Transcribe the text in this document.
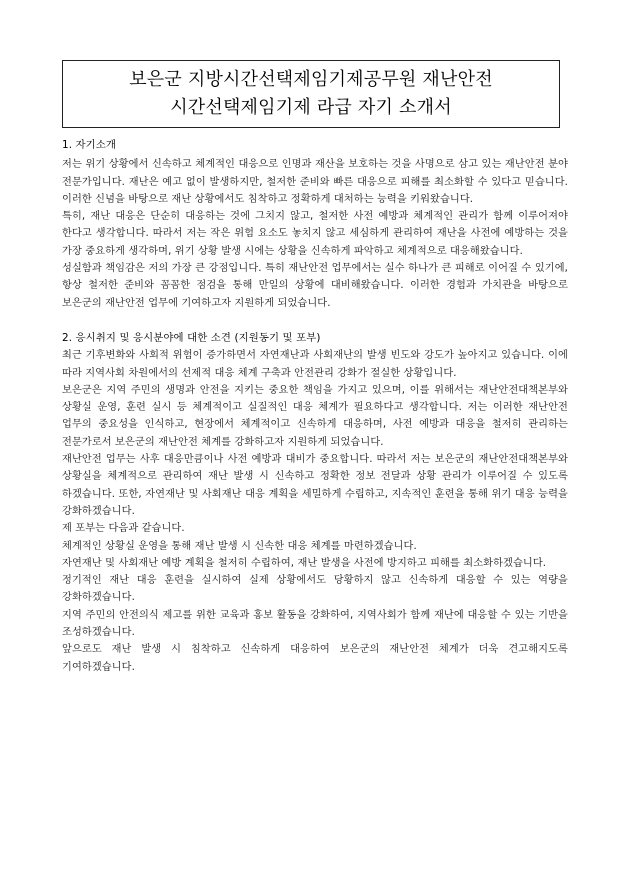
보은군 지방시간선택제임기제공무원 재난안전
시간선택제임기제 라급 자기 소개서

1. 자기소개

저는 위기 상황에서 신속하고 체계적인 대응으로 인명과 재산을 보호하는 것을 사명으로 삼고 있는 재난안전 분야 전문가입니다. 재난은 예고 없이 발생하지만, 철저한 준비와 빠른 대응으로 피해를 최소화할 수 있다고 믿습니다. 이러한 신념을 바탕으로 재난 상황에서도 침착하고 정확하게 대처하는 능력을 키워왔습니다.

특히, 재난 대응은 단순히 대응하는 것에 그치지 않고, 철저한 사전 예방과 체계적인 관리가 함께 이루어져야 한다고 생각합니다. 따라서 저는 작은 위험 요소도 놓치지 않고 세심하게 관리하여 재난을 사전에 예방하는 것을 가장 중요하게 생각하며, 위기 상황 발생 시에는 상황을 신속하게 파악하고 체계적으로 대응해왔습니다.

성실함과 책임감은 저의 가장 큰 강점입니다. 특히 재난안전 업무에서는 실수 하나가 큰 피해로 이어질 수 있기에, 항상 철저한 준비와 꼼꼼한 점검을 통해 만일의 상황에 대비해왔습니다. 이러한 경험과 가치관을 바탕으로 보은군의 재난안전 업무에 기여하고자 지원하게 되었습니다.

2. 응시취지 및 응시분야에 대한 소견 (지원동기 및 포부)

최근 기후변화와 사회적 위험이 증가하면서 자연재난과 사회재난의 발생 빈도와 강도가 높아지고 있습니다. 이에 따라 지역사회 차원에서의 선제적 대응 체계 구축과 안전관리 강화가 절실한 상황입니다.

보은군은 지역 주민의 생명과 안전을 지키는 중요한 책임을 가지고 있으며, 이를 위해서는 재난안전대책본부와 상황실 운영, 훈련 실시 등 체계적이고 실질적인 대응 체계가 필요하다고 생각합니다. 저는 이러한 재난안전 업무의 중요성을 인식하고, 현장에서 체계적이고 신속하게 대응하며, 사전 예방과 대응을 철저히 관리하는 전문가로서 보은군의 재난안전 체계를 강화하고자 지원하게 되었습니다.

재난안전 업무는 사후 대응만큼이나 사전 예방과 대비가 중요합니다. 따라서 저는 보은군의 재난안전대책본부와 상황실을 체계적으로 관리하여 재난 발생 시 신속하고 정확한 정보 전달과 상황 관리가 이루어질 수 있도록 하겠습니다. 또한, 자연재난 및 사회재난 대응 계획을 세밀하게 수립하고, 지속적인 훈련을 통해 위기 대응 능력을 강화하겠습니다.

제 포부는 다음과 같습니다.

체계적인 상황실 운영을 통해 재난 발생 시 신속한 대응 체계를 마련하겠습니다.

자연재난 및 사회재난 예방 계획을 철저히 수립하여, 재난 발생을 사전에 방지하고 피해를 최소화하겠습니다.

정기적인 재난 대응 훈련을 실시하여 실제 상황에서도 당황하지 않고 신속하게 대응할 수 있는 역량을 강화하겠습니다.

지역 주민의 안전의식 제고를 위한 교육과 홍보 활동을 강화하여, 지역사회가 함께 재난에 대응할 수 있는 기반을 조성하겠습니다.

앞으로도 재난 발생 시 침착하고 신속하게 대응하여 보은군의 재난안전 체계가 더욱 견고해지도록 기여하겠습니다.
